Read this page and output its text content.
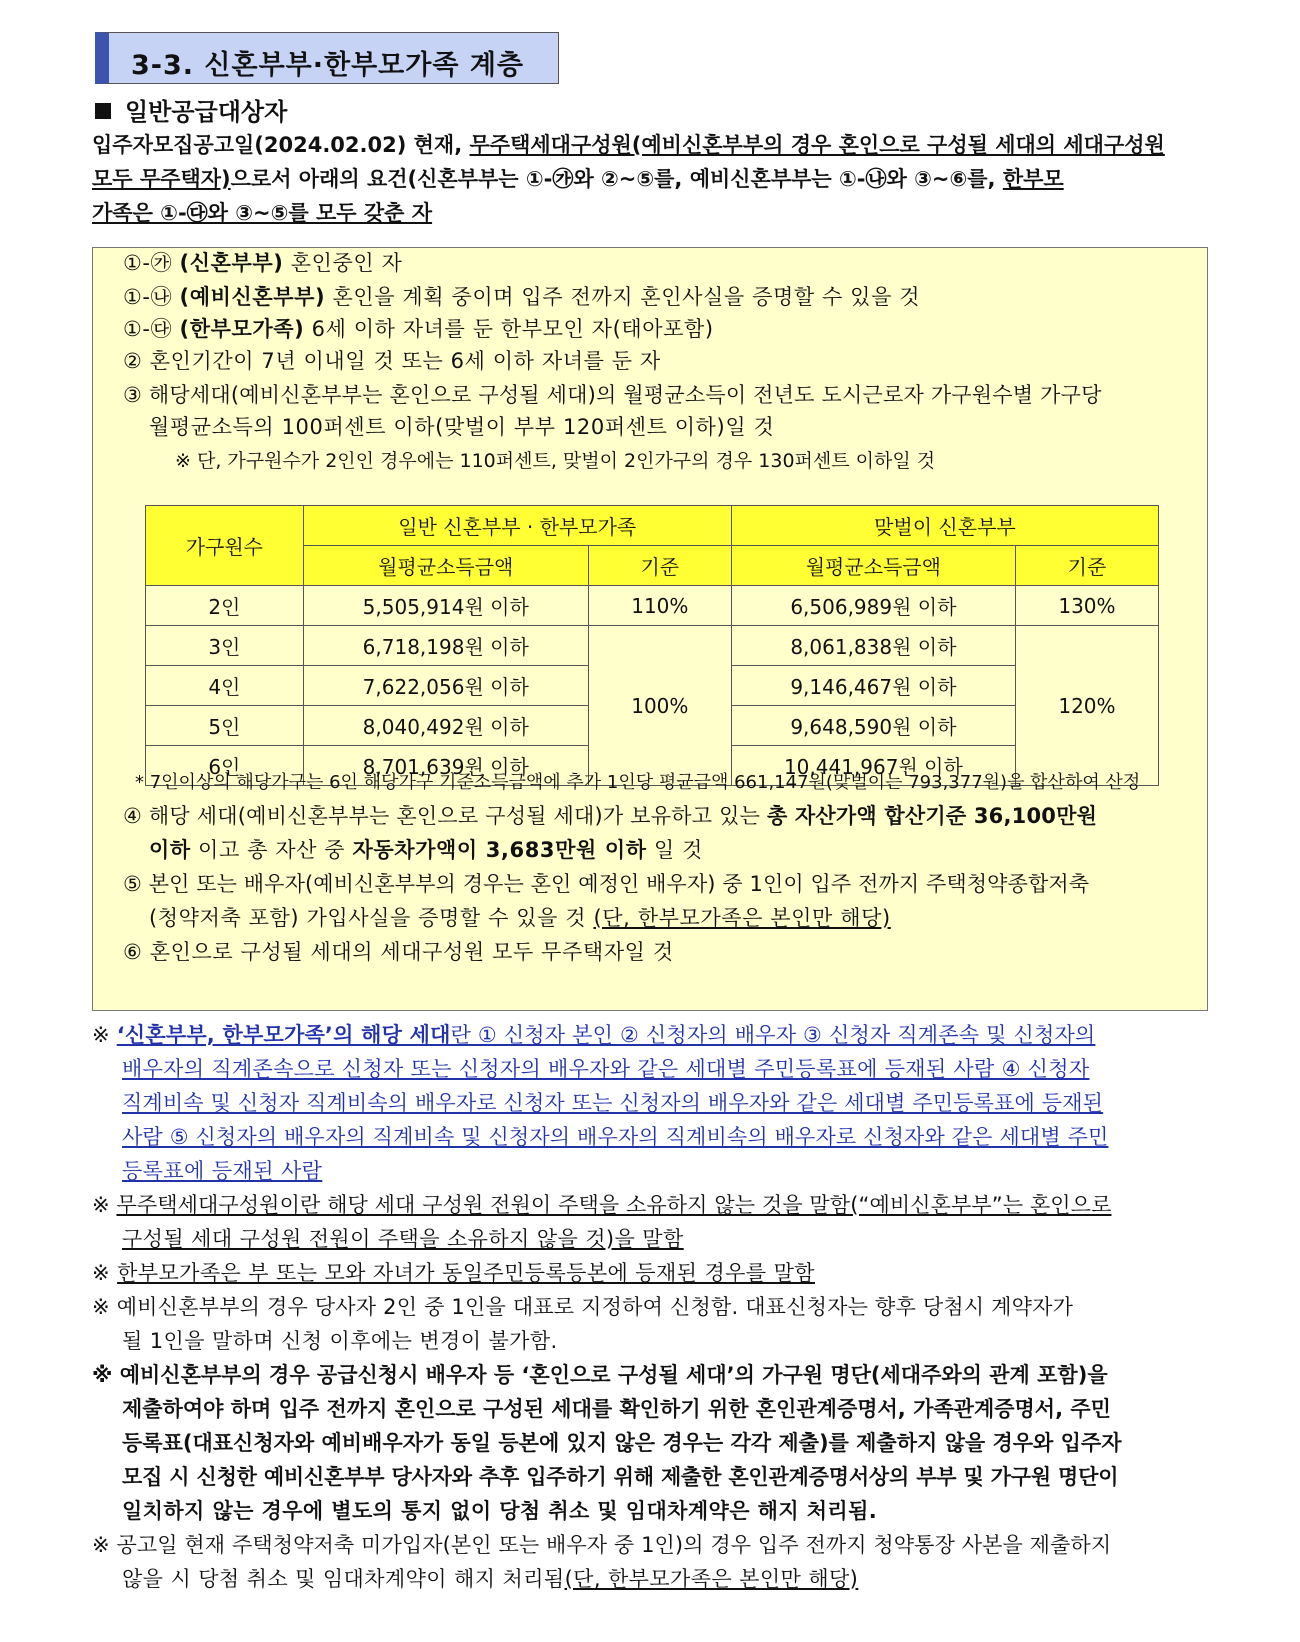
3-3. 신혼부부·한부모가족 계층
일반공급대상자

입주자모집공고일(2024.02.02) 현재, 무주택세대구성원(예비신혼부부의 경우 혼인으로 구성될 세대의 세대구성원

모두 무주택자)으로서 아래의 요건(신혼부부는 ①-㉮와 ②~⑤를, 예비신혼부부는 ①-㉯와 ③~⑥를, 한부모

가족은 ①-㉰와 ③~⑤를 모두 갖춘 자

①-㉮ (신혼부부) 혼인중인 자
①-㉯ (예비신혼부부) 혼인을 계획 중이며 입주 전까지 혼인사실을 증명할 수 있을 것
①-㉰ (한부모가족) 6세 이하 자녀를 둔 한부모인 자(태아포함)
② 혼인기간이 7년 이내일 것 또는 6세 이하 자녀를 둔 자
③ 해당세대(예비신혼부부는 혼인으로 구성될 세대)의 월평균소득이 전년도 도시근로자 가구원수별 가구당
월평균소득의 100퍼센트 이하(맞벌이 부부 120퍼센트 이하)일 것
※ 단, 가구원수가 2인인 경우에는 110퍼센트, 맞벌이 2인가구의 경우 130퍼센트 이하일 것
가구원수	일반 신혼부부 · 한부모가족		맞벌이 신혼부부	
	월평균소득금액	기준	월평균소득금액	기준
2인	5,505,914원 이하	110%	6,506,989원 이하	130%
3인	6,718,198원 이하	100%	8,061,838원 이하	120%
4인	7,622,056원 이하		9,146,467원 이하	
5인	8,040,492원 이하		9,648,590원 이하	
6인	8,701,639원 이하		10,441,967원 이하	
* 7인이상의 해당가구는 6인 해당가구 기준소득금액에 추가 1인당 평균금액 661,147원(맞벌이는 793,377원)을 합산하여 산정
④ 해당 세대(예비신혼부부는 혼인으로 구성될 세대)가 보유하고 있는 총 자산가액 합산기준 36,100만원
이하 이고 총 자산 중 자동차가액이 3,683만원 이하 일 것
⑤ 본인 또는 배우자(예비신혼부부의 경우는 혼인 예정인 배우자) 중 1인이 입주 전까지 주택청약종합저축
(청약저축 포함) 가입사실을 증명할 수 있을 것 (단, 한부모가족은 본인만 해당)
⑥ 혼인으로 구성될 세대의 세대구성원 모두 무주택자일 것
※ ‘신혼부부, 한부모가족’의 해당 세대란 ① 신청자 본인 ② 신청자의 배우자 ③ 신청자 직계존속 및 신청자의
배우자의 직계존속으로 신청자 또는 신청자의 배우자와 같은 세대별 주민등록표에 등재된 사람 ④ 신청자
직계비속 및 신청자 직계비속의 배우자로 신청자 또는 신청자의 배우자와 같은 세대별 주민등록표에 등재된
사람 ⑤ 신청자의 배우자의 직계비속 및 신청자의 배우자의 직계비속의 배우자로 신청자와 같은 세대별 주민
등록표에 등재된 사람
※ 무주택세대구성원이란 해당 세대 구성원 전원이 주택을 소유하지 않는 것을 말함(“예비신혼부부”는 혼인으로
구성될 세대 구성원 전원이 주택을 소유하지 않을 것)을 말함
※ 한부모가족은 부 또는 모와 자녀가 동일주민등록등본에 등재된 경우를 말함
※ 예비신혼부부의 경우 당사자 2인 중 1인을 대표로 지정하여 신청함. 대표신청자는 향후 당첨시 계약자가
될 1인을 말하며 신청 이후에는 변경이 불가함.
※ 예비신혼부부의 경우 공급신청시 배우자 등 ‘혼인으로 구성될 세대’의 가구원 명단(세대주와의 관계 포함)을
제출하여야 하며 입주 전까지 혼인으로 구성된 세대를 확인하기 위한 혼인관계증명서, 가족관계증명서, 주민
등록표(대표신청자와 예비배우자가 동일 등본에 있지 않은 경우는 각각 제출)를 제출하지 않을 경우와 입주자
모집 시 신청한 예비신혼부부 당사자와 추후 입주하기 위해 제출한 혼인관계증명서상의 부부 및 가구원 명단이
일치하지 않는 경우에 별도의 통지 없이 당첨 취소 및 임대차계약은 해지 처리됨.
※ 공고일 현재 주택청약저축 미가입자(본인 또는 배우자 중 1인)의 경우 입주 전까지 청약통장 사본을 제출하지
않을 시 당첨 취소 및 임대차계약이 해지 처리됨(단, 한부모가족은 본인만 해당)
